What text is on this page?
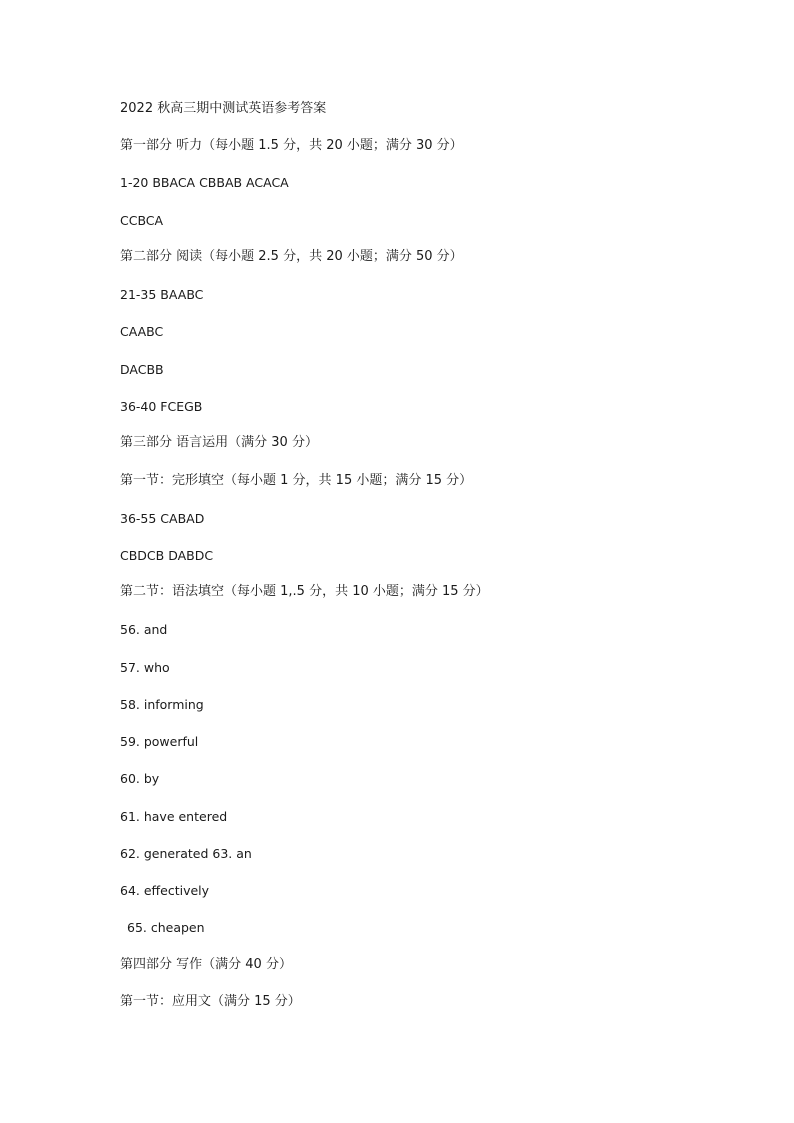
2022 秋高三期中测试英语参考答案
第一部分 听力（每小题 1.5 分，共 20 小题；满分 30 分）
1-20 BBACA CBBAB ACACA
CCBCA
第二部分 阅读（每小题 2.5 分，共 20 小题；满分 50 分）
21-35 BAABC
CAABC
DACBB
36-40 FCEGB
第三部分 语言运用（满分 30 分）
第一节：完形填空（每小题 1 分，共 15 小题；满分 15 分）
36-55 CABAD
CBDCB DABDC
第二节：语法填空（每小题 1,.5 分，共 10 小题；满分 15 分）
56. and
57. who
58. informing
59. powerful
60. by
61. have entered
62. generated 63. an
64. effectively
65. cheapen
第四部分 写作（满分 40 分）
第一节：应用文（满分 15 分）
